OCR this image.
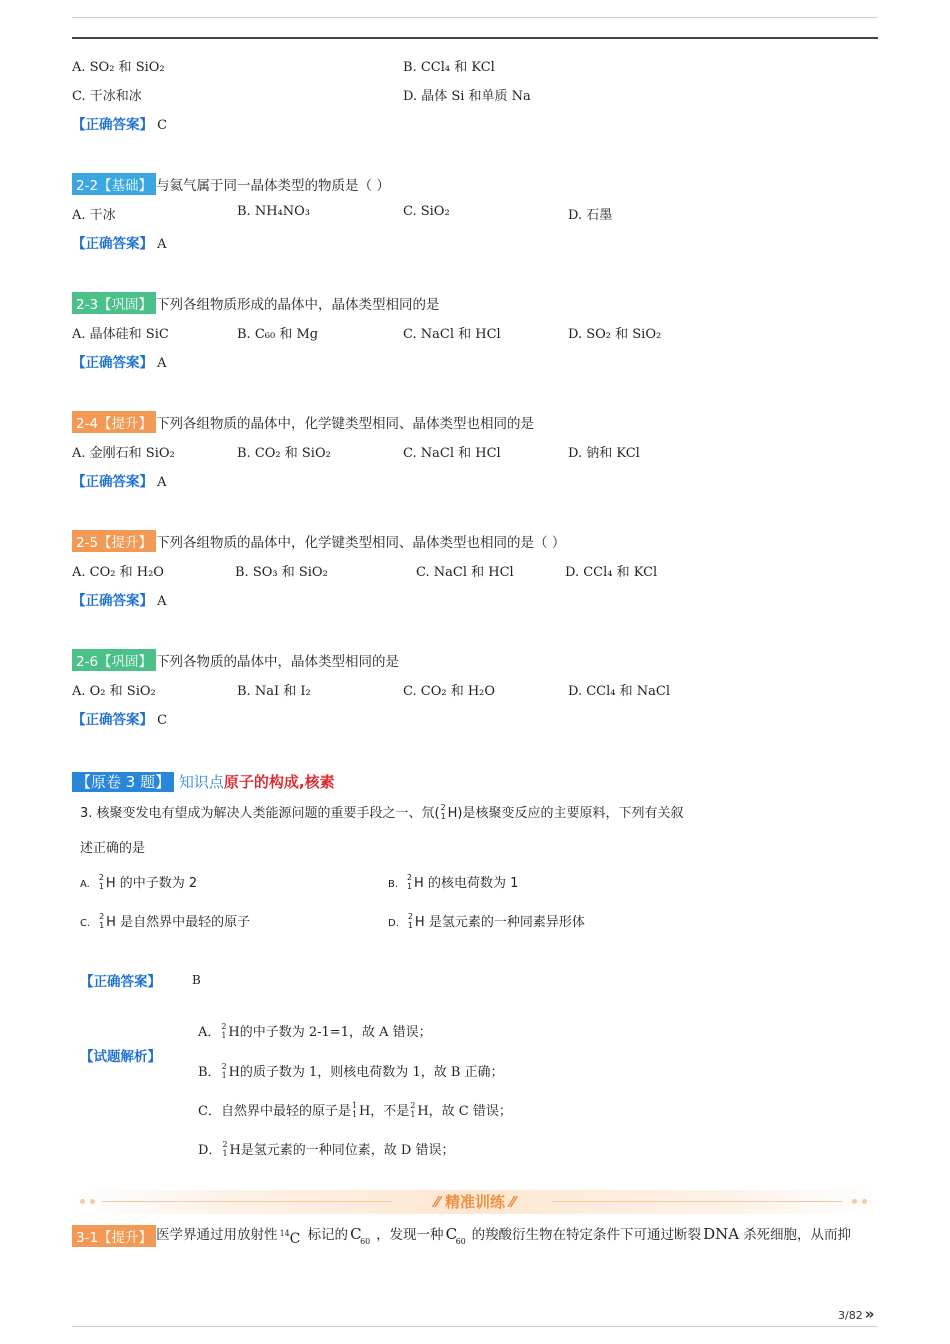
A. SO₂ 和 SiO₂	B. CCl₄ 和 KCl
C. 干冰和冰	D. 晶体 Si 和单质 Na
【正确答案】 C
2-2【基础】 与氦气属于同一晶体类型的物质是（ ）
A. 干冰	B. NH₄NO₃	C. SiO₂	D. 石墨
【正确答案】 A
2-3【巩固】 下列各组物质形成的晶体中，晶体类型相同的是
A. 晶体硅和 SiC	B. C₆₀ 和 Mg	C. NaCl 和 HCl	D. SO₂ 和 SiO₂
【正确答案】 A
2-4【提升】 下列各组物质的晶体中，化学键类型相同、晶体类型也相同的是
A. 金刚石和 SiO₂	B. CO₂ 和 SiO₂	C. NaCl 和 HCl	D. 钠和 KCl
【正确答案】 A
2-5【提升】 下列各组物质的晶体中，化学键类型相同、晶体类型也相同的是（ ）
A. CO₂ 和 H₂O	B. SO₃ 和 SiO₂	C. NaCl 和 HCl	D. CCl₄ 和 KCl
【正确答案】 A
2-6【巩固】 下列各物质的晶体中，晶体类型相同的是
A. O₂ 和 SiO₂	B. NaI 和 I₂	C. CO₂ 和 H₂O	D. CCl₄ 和 NaCl
【正确答案】 C
【原卷 3 题】 知识点原子的构成,核素
3. 核聚变发电有望成为解决人类能源问题的重要手段之一、氘( 2
1 H)是核聚变反应的主要原料，下列有关叙
述正确的是
A.
2
1 H 的中子数为 2	B.
2
1 H 的核电荷数为 1
C.
2
1 H 是自然界中最轻的原子	D.
2
1 H 是氢元素的一种同素异形体
【正确答案】	B
【试题解析】
A． 2
1 H的中子数为 2-1=1，故 A 错误；
B． 2
1 H的质子数为 1，则核电荷数为 1，故 B 正确；
C．自然界中最轻的原子是 1
1 H，不是 2
1 H，故 C 错误；
D． 2
1 H是氢元素的一种同位素，故 D 错误；
⁄⁄ 精准训练 ⁄⁄
3-1【提升】 医学界通过用放射性 14 C 标记的 C
60 ，发现一种 C
60 的羧酸衍生物在特定条件下可通过断裂 DNA 杀死细胞，从而抑
3/82 »
